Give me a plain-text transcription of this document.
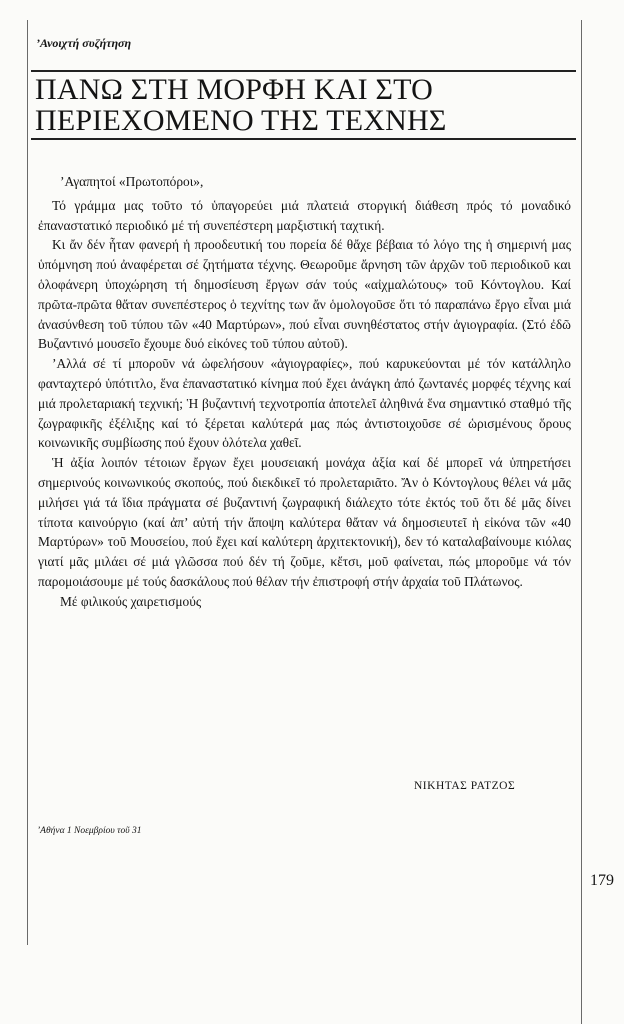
’Ανοιχτή συζήτηση
ΠΑΝΩ ΣΤΗ ΜΟΡΦΗ ΚΑΙ ΣΤΟ
ΠΕΡΙΕΧΟΜΕΝΟ ΤΗΣ ΤΕΧΝΗΣ

’Αγαπητοί «Πρωτοπόροι»,

Τό γράμμα μας τοῦτο τό ὑπαγορεύει μιά πλατειά στοργική διάθεση πρός τό μοναδικό ἐπαναστατικό περιοδικό μέ τή συνεπέστερη μαρξιστική ταχτική.

Κι ἄν δέν ἦταν φανερή ἡ προοδευτική του πορεία δέ θἄχε βέβαια τό λόγο της ἡ σημερινή μας ὑπόμνηση πού ἀναφέρεται σέ ζητήματα τέχνης. Θεωροῦμε ἄρνηση τῶν ἀρχῶν τοῦ περιοδικοῦ και ὁλοφάνερη ὑποχώρηση τή δημοσίευση ἔργων σάν τούς «αἰχμαλώτους» τοῦ Κόντογλου. Καί πρῶτα-πρῶτα θἄταν συνεπέστερος ὁ τεχνίτης των ἄν ὁμολογοῦσε ὅτι τό παραπάνω ἔργο εἶναι μιά ἀνασύνθεση τοῦ τύπου τῶν «40 Μαρτύρων», πού εἶναι συνηθέστατος στήν ἁγιογραφία. (Στό ἐδῶ Βυζαντινό μουσεῖο ἔχουμε δυό εἰκόνες τοῦ τύπου αὐτοῦ).

’Αλλά σέ τί μποροῦν νά ὠφελήσουν «ἁγιογραφίες», πού καρυκεύονται μέ τόν κατάλληλο φανταχτερό ὑπότιτλο, ἕνα ἐπαναστατικό κίνημα πού ἔχει ἀνάγκη ἀπό ζωντανές μορφές τέχνης καί μιά προλεταριακή τεχνική; Ἡ βυζαντινή τεχνοτροπία ἀποτελεῖ ἀληθινά ἕνα σημαντικό σταθμό τῆς ζωγραφικῆς ἐξέλιξης καί τό ξέρεται καλύτερά μας πώς ἀντιστοιχοῦσε σέ ὡρισμένους ὅρους κοινωνικῆς συμβίωσης πού ἔχουν ὁλότελα χαθεῖ.

Ἡ ἀξία λοιπόν τέτοιων ἔργων ἔχει μουσειακή μονάχα ἀξία καί δέ μπορεῖ νά ὑπηρετήσει σημερινούς κοινωνικούς σκοπούς, πού διεκδικεῖ τό προλεταριᾶτο. Ἄν ὁ Κόντογλους θέλει νά μᾶς μιλήσει γιά τά ἴδια πράγματα σέ βυζαντινή ζωγραφική διάλεχτο τότε ἐκτός τοῦ ὅτι δέ μᾶς δίνει τίποτα καινούργιο (καί ἀπ’ αὐτή τήν ἄποψη καλύτερα θἄταν νά δημοσιευτεῖ ἡ εἰκόνα τῶν «40 Μαρτύρων» τοῦ Μουσείου, πού ἔχει καί καλύτερη ἀρχιτεκτονική), δεν τό καταλαβαίνουμε κιόλας γιατί μᾶς μιλάει σέ μιά γλῶσσα πού δέν τή ζοῦμε, κἔτσι, μοῦ φαίνεται, πώς μποροῦμε νά τόν παρομοιάσουμε μέ τούς δασκάλους πού θέλαν τήν ἐπιστροφή στήν ἀρχαία τοῦ Πλάτωνος.

Μέ φιλικούς χαιρετισμούς

ΝΙΚΗΤΑΣ ΡΑΤΖΟΣ
’Αθήνα 1 Νοεμβρίου τοῦ 31
179
